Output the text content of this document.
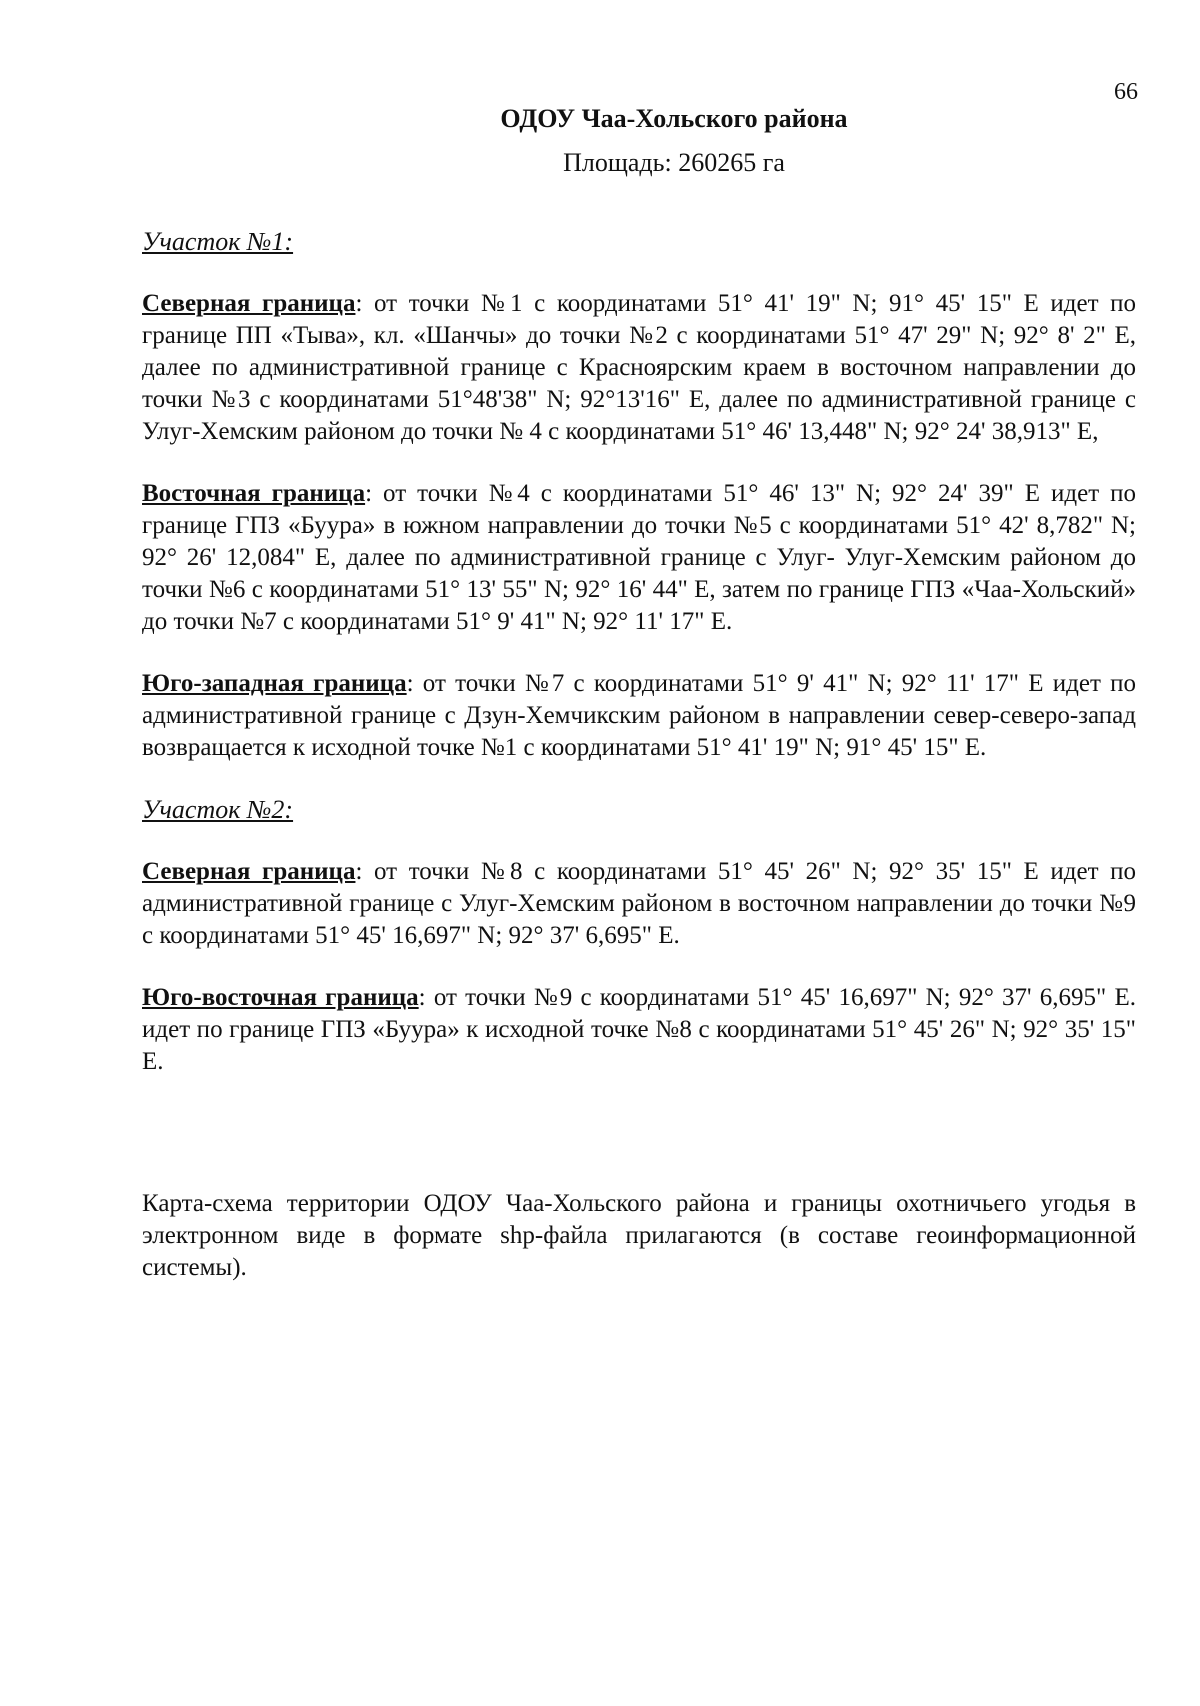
66

ОДОУ Чаа-Хольского района

Площадь: 260265 га

Участок №1:

Северная граница: от точки №1 с координатами 51° 41' 19" N; 91° 45' 15" E идет по границе ПП «Тыва», кл. «Шанчы» до точки №2 с координатами 51° 47' 29" N; 92° 8' 2" E, далее по административной границе с Красноярским краем в восточном направлении до точки №3 с координатами 51°48'38" N; 92°13'16" E, далее по административной границе с Улуг-Хемским районом до точки № 4 с координатами 51° 46' 13,448" N; 92° 24' 38,913" E,

Восточная граница: от точки №4 с координатами 51° 46' 13" N; 92° 24' 39" E идет по границе ГПЗ «Буура» в южном направлении до точки №5 с координатами 51° 42' 8,782" N; 92° 26' 12,084" E, далее по административной границе с Улуг- Улуг-Хемским районом до точки №6 с координатами 51° 13' 55" N; 92° 16' 44" E, затем по границе ГПЗ «Чаа-Хольский» до точки №7 с координатами 51° 9' 41" N; 92° 11' 17" E.

Юго-западная граница: от точки №7 с координатами 51° 9' 41" N; 92° 11' 17" E идет по административной границе с Дзун-Хемчикским районом в направлении север-северо-запад возвращается к исходной точке №1 с координатами 51° 41' 19" N; 91° 45' 15" E.

Участок №2:

Северная граница: от точки №8 с координатами 51° 45' 26" N; 92° 35' 15" E идет по административной границе с Улуг-Хемским районом в восточном направлении до точки №9 с координатами 51° 45' 16,697" N; 92° 37' 6,695" E.

Юго-восточная граница: от точки №9 с координатами 51° 45' 16,697" N; 92° 37' 6,695" E. идет по границе ГПЗ «Буура» к исходной точке №8 с координатами 51° 45' 26" N; 92° 35' 15" E.

Карта-схема территории ОДОУ Чаа-Хольского района и границы охотничьего угодья в электронном виде в формате shp-файла прилагаются (в составе геоинформационной системы).
